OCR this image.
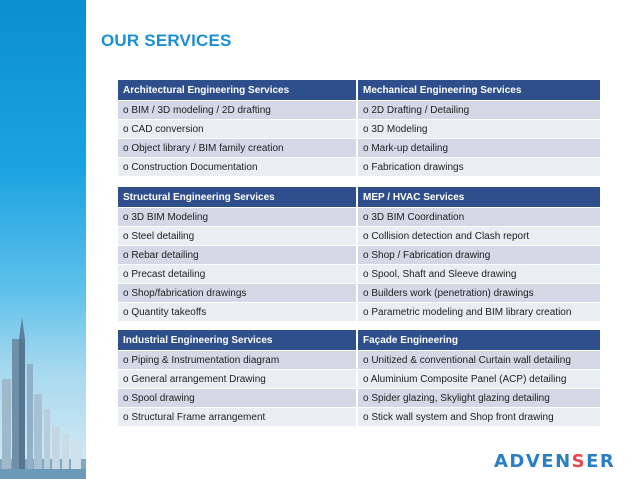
OUR SERVICES
Architectural Engineering Services	Mechanical Engineering Services
o BIM / 3D modeling / 2D drafting	o 2D Drafting / Detailing
o CAD conversion	o 3D Modeling
o Object library / BIM family creation	o Mark-up detailing
o Construction Documentation	o Fabrication drawings
Structural Engineering Services	MEP / HVAC Services
o 3D BIM Modeling	o 3D BIM Coordination
o Steel detailing	o Collision detection and Clash report
o Rebar detailing	o Shop / Fabrication drawing
o Precast detailing	o Spool, Shaft and Sleeve drawing
o Shop/fabrication drawings	o Builders work (penetration) drawings
o Quantity takeoffs	o Parametric modeling and BIM library creation
Industrial Engineering Services	Façade Engineering
o Piping & Instrumentation diagram	o Unitized & conventional Curtain wall detailing
o General arrangement Drawing	o Aluminium Composite Panel (ACP) detailing
o Spool drawing	o Spider glazing, Skylight glazing detailing
o Structural Frame arrangement	o Stick wall system and Shop front drawing
ADVEN S ER
